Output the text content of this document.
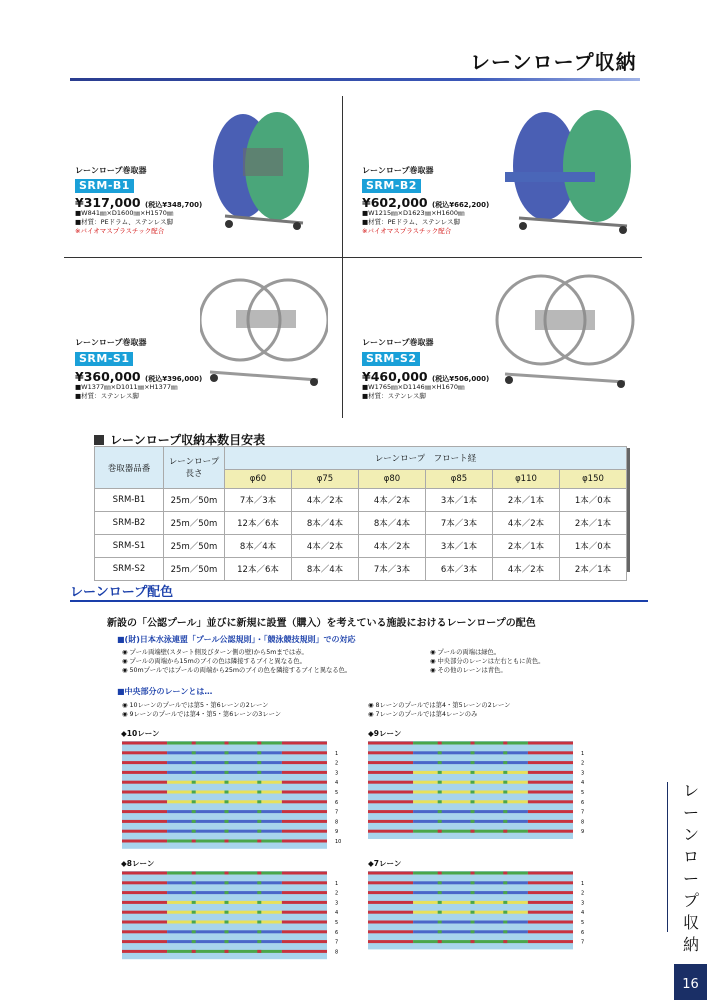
レーンロープ収納
レーンロープ巻取器
SRM-B1
¥317,000 (税込¥348,700)
■W841㎜×D1600㎜×H1570㎜
■材質：PEドラム、ステンレス脚
※バイオマスプラスチック配合
レーンロープ巻取器
SRM-B2
¥602,000 (税込¥662,200)
■W1215㎜×D1623㎜×H1600㎜
■材質：PEドラム、ステンレス脚
※バイオマスプラスチック配合
レーンロープ巻取器
SRM-S1
¥360,000 (税込¥396,000)
■W1377㎜×D1011㎜×H1377㎜
■材質：ステンレス脚
レーンロープ巻取器
SRM-S2
¥460,000 (税込¥506,000)
■W1765㎜×D1146㎜×H1670㎜
■材質：ステンレス脚
レーンロープ収納本数目安表
巻取器品番	レーンロープ
長さ	レーンロープ　フロート経					
		φ60	φ75	φ80	φ85	φ110	φ150
SRM-B1	25m／50m	7本／3本	4本／2本	4本／2本	3本／1本	2本／1本	1本／0本
SRM-B2	25m／50m	12本／6本	8本／4本	8本／4本	7本／3本	4本／2本	2本／1本
SRM-S1	25m／50m	8本／4本	4本／2本	4本／2本	3本／1本	2本／1本	1本／0本
SRM-S2	25m／50m	12本／6本	8本／4本	7本／3本	6本／3本	4本／2本	2本／1本
レーンロープ配色
新設の「公認プール」並びに新規に設置（購入）を考えている施設におけるレーンロープの配色
■(財)日本水泳連盟「プール公認規則」・「競泳競技規則」での対応
◉ プール両端壁(スタート側及びターン側の壁)から5mまでは赤。
◉ プールの両端から15mのブイの色は隣接するブイと異なる色。
◉ 50mプールではプールの両端から25mのブイの色を隣接するブイと異なる色。
◉ プールの両端は緑色。
◉ 中央部分のレーンは左右ともに黄色。
◉ その他のレーンは青色。
■中央部分のレーンとは…
◉ 10レーンのプールでは第5・第6レーンの2レーン
◉ 9レーンのプールでは第4・第5・第6レーンの3レーン
◉ 8レーンのプールでは第4・第5レーンの2レーン
◉ 7レーンのプールでは第4レーンのみ
◆10レーン
1
2
3
4
5
6
7
8
9
10
◆9レーン
1
2
3
4
5
6
7
8
9
◆8レーン
1
2
3
4
5
6
7
8
◆7レーン
1
2
3
4
5
6
7
レ
ー
ン
ロ
ー
プ
収
納
16
